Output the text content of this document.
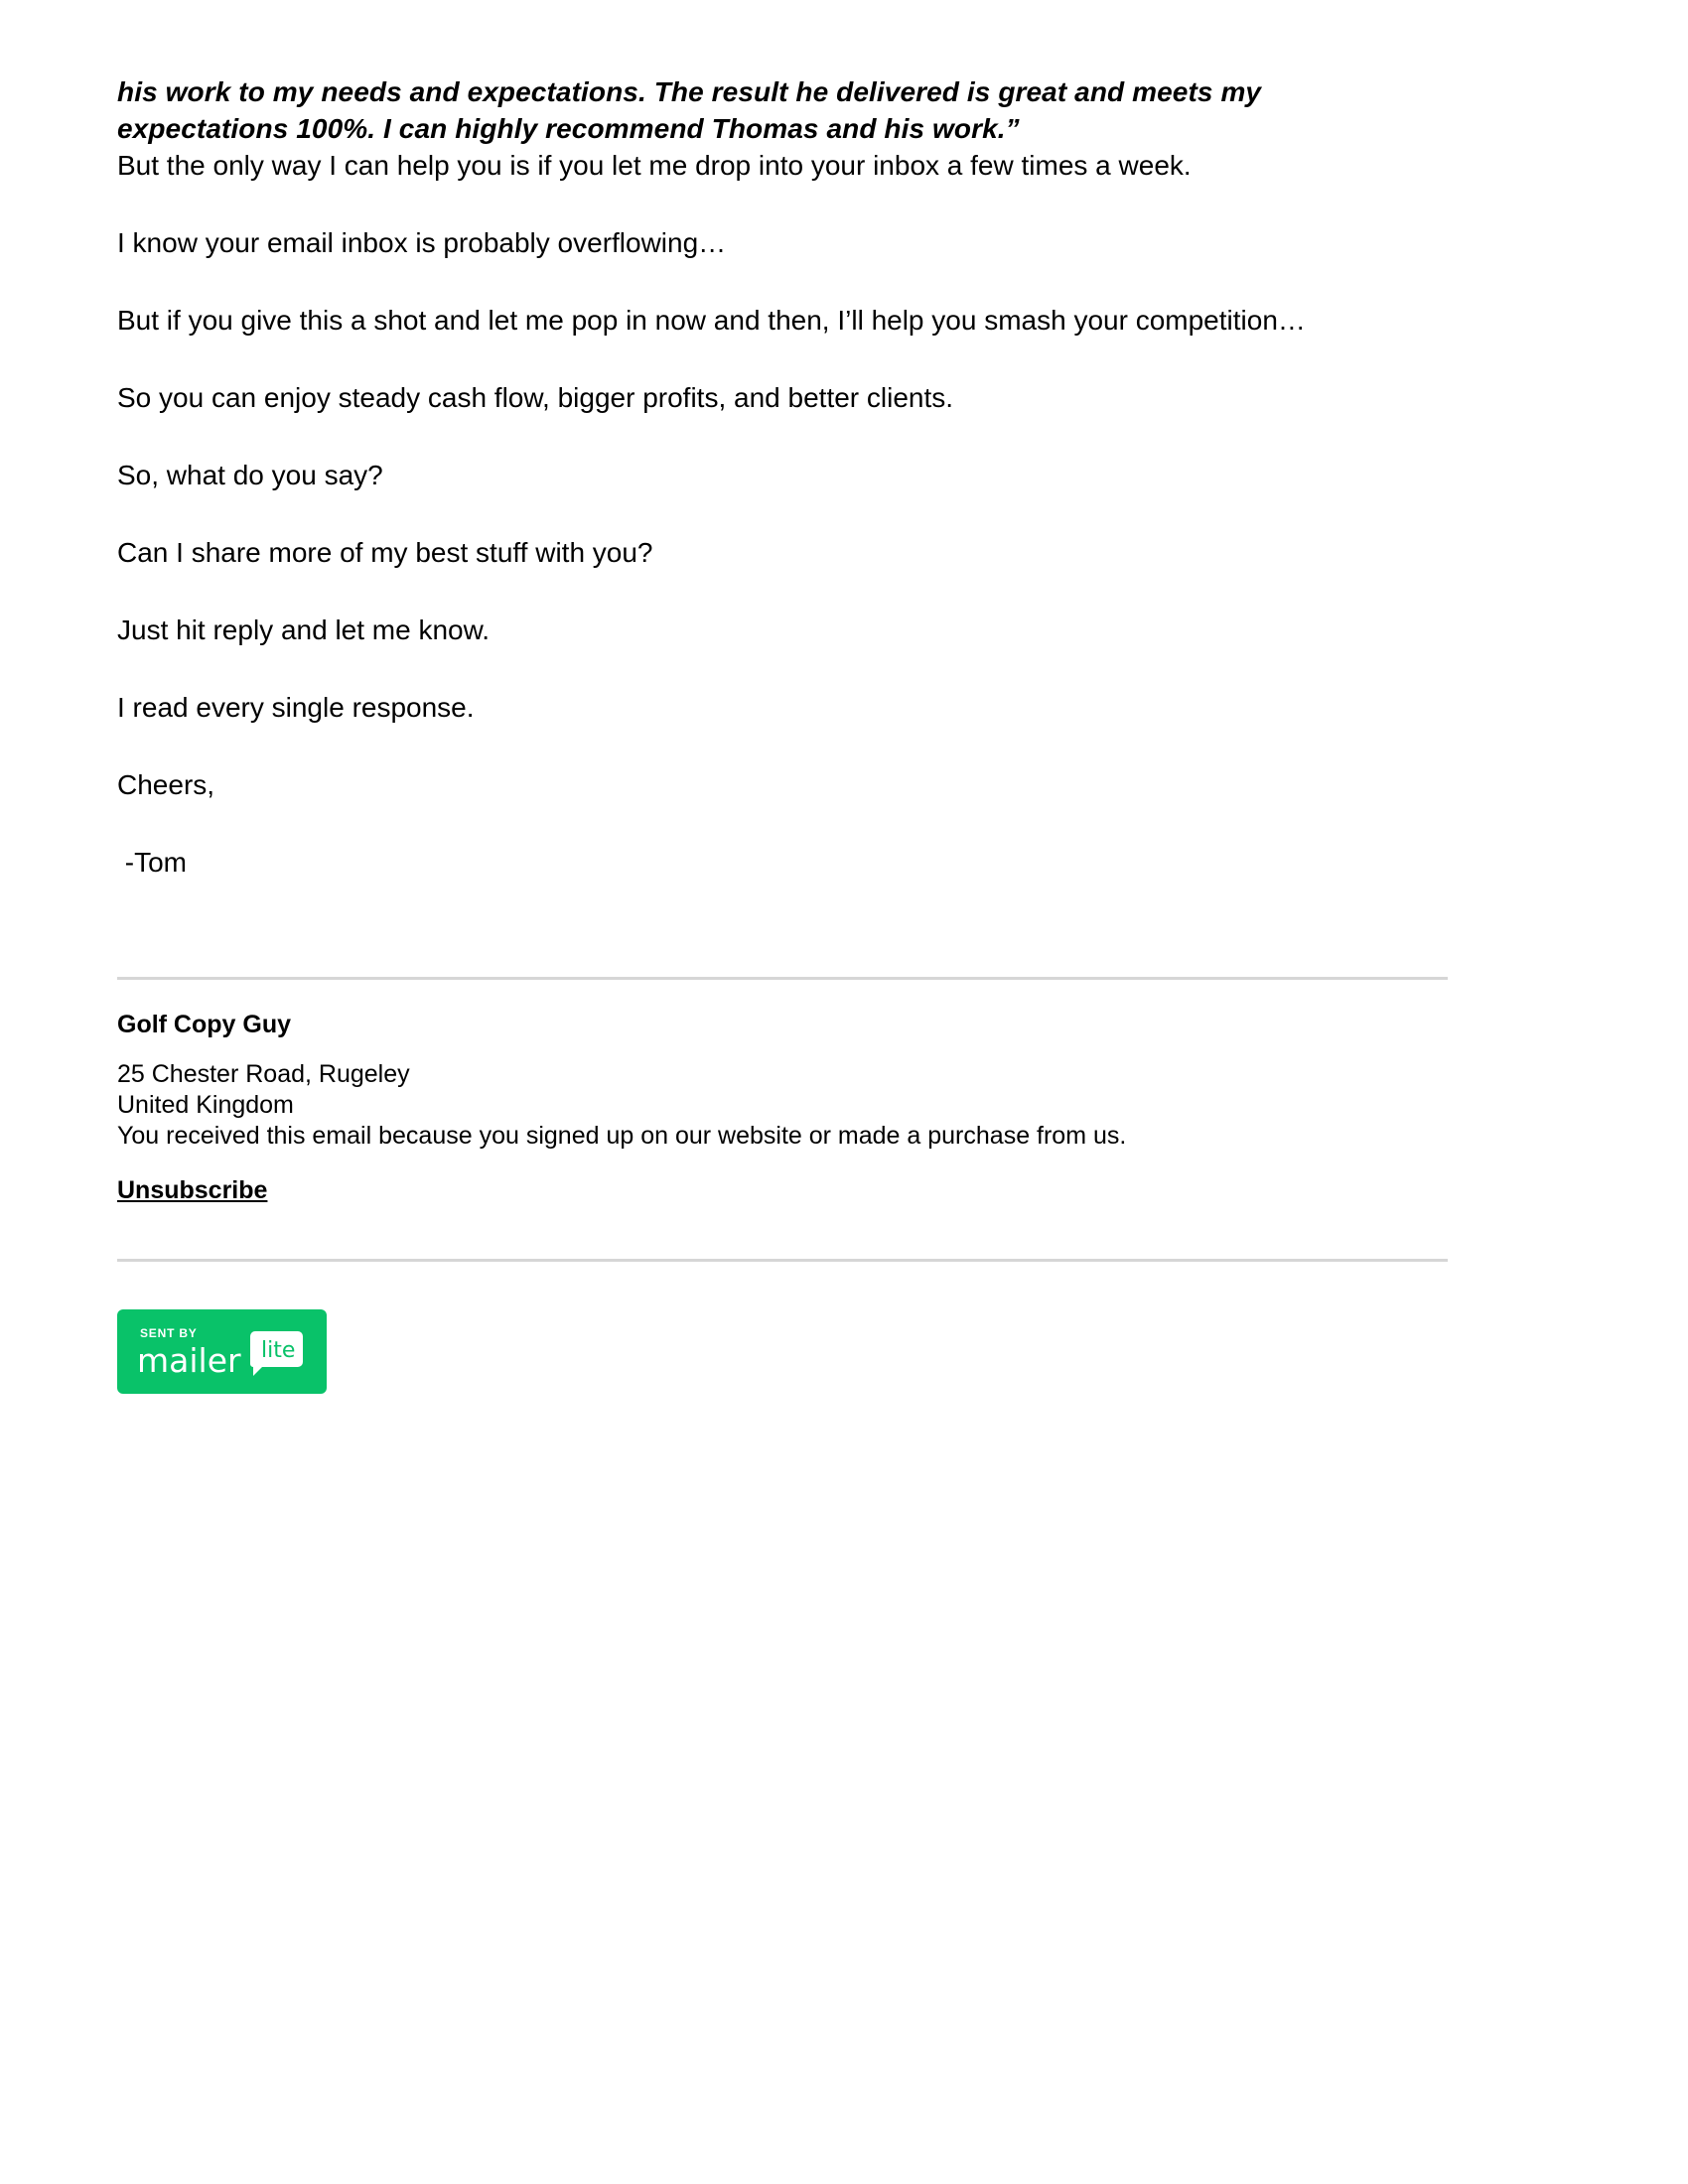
his work to my needs and expectations. The result he delivered is great and meets my

expectations 100%. I can highly recommend Thomas and his work.”

But the only way I can help you is if you let me drop into your inbox a few times a week.

I know your email inbox is probably overflowing…

But if you give this a shot and let me pop in now and then, I’ll help you smash your competition…

So you can enjoy steady cash flow, bigger profits, and better clients.

So, what do you say?

Can I share more of my best stuff with you?

Just hit reply and let me know.

I read every single response.

Cheers,

-Tom

Golf Copy Guy

25 Chester Road, Rugeley

United Kingdom

You received this email because you signed up on our website or made a purchase from us.

Unsubscribe
SENT BY
mailer lite
